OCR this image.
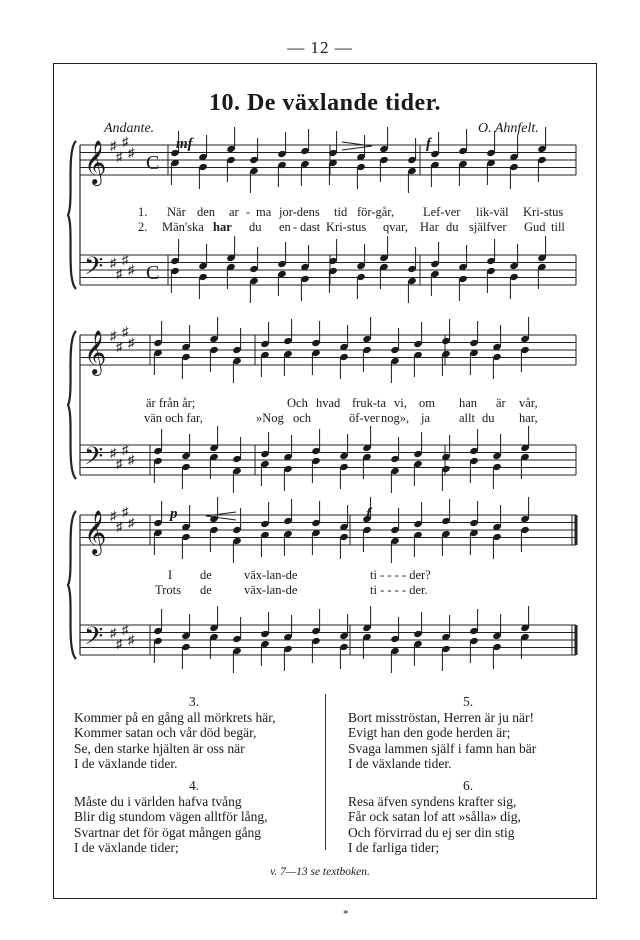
— 12 —
10. De växlande tider.
Andante.	O. Ahnfelt.
𝄞
𝄢
♯
♯
♯
♯
♯
♯
♯
♯
C
C
𝄞
𝄢
♯
♯
♯
♯
♯
♯
♯
♯
𝄞
𝄢
♯
♯
♯
♯
♯
♯
♯
♯
mf	f
p	f
1. När den ar - ma jor-dens tid för-går, Lef-ver lik-väl Kri-stus
2. Män'ska har du en - dast Kri-stus qvar, Har du själfver Gud till
är från år;	Och hvad fruk-ta vi, om han är vår,
vän och far,	»Nog och	öf-ver nog», ja allt du har,
I de	väx-lan-de	ti - - - - der?
Trots de	väx-lan-de	ti - - - - der.
3.
Kommer på en gång all mörkrets här,
Kommer satan och vår död begär,
Se, den starke hjälten är oss när
I de växlande tider.
5.
Bort misströstan, Herren är ju när!
Evigt han den gode herden är;
Svaga lammen själf i famn han bär
I de växlande tider.
4.
Måste du i världen hafva tvång
Blir dig stundom vägen alltför lång,
Svartnar det för ögat mången gång
I de växlande tider;
6.
Resa äfven syndens krafter sig,
Får ock satan lof att »sålla» dig,
Och förvirrad du ej ser din stig
I de farliga tider;
v. 7—13 se textboken.
*
